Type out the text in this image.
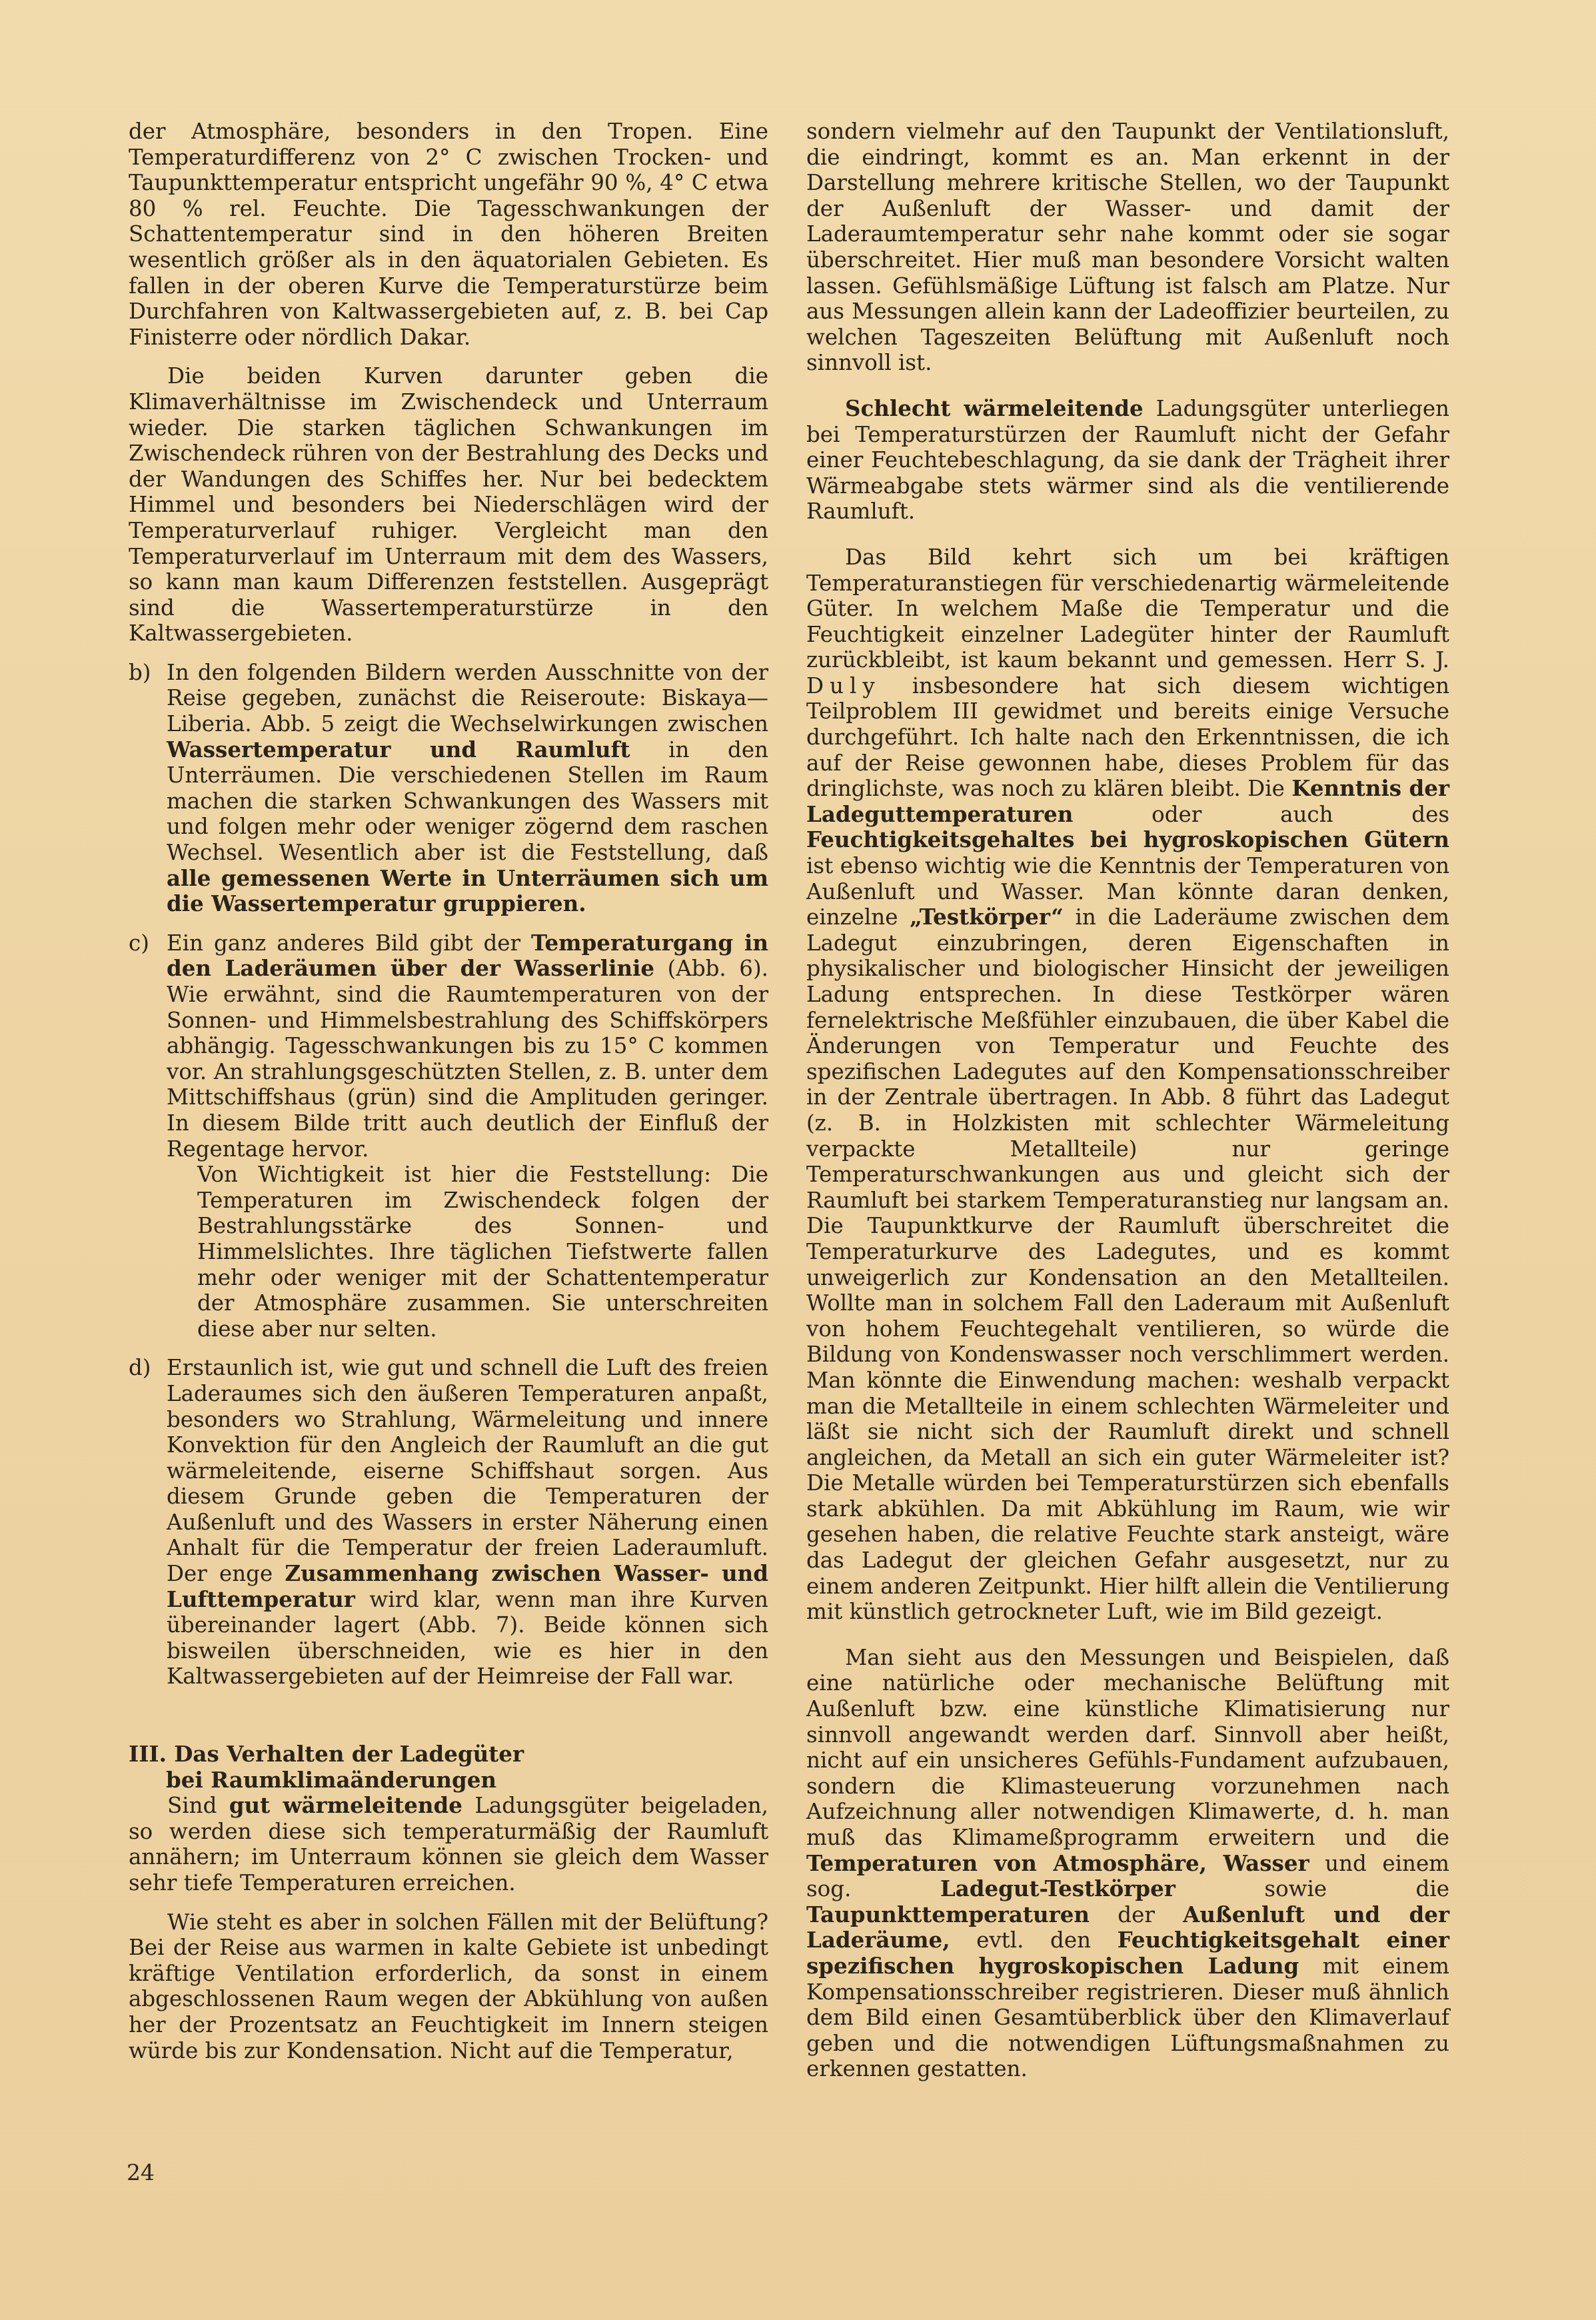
der Atmosphäre, besonders in den Tropen. Eine Temperaturdifferenz von 2° C zwischen Trocken- und Taupunkttemperatur entspricht ungefähr 90 %, 4° C etwa 80 % rel. Feuchte. Die Tagesschwankungen der Schattentemperatur sind in den höheren Breiten wesentlich größer als in den äquatorialen Gebieten. Es fallen in der oberen Kurve die Temperaturstürze beim Durchfahren von Kaltwassergebieten auf, z. B. bei Cap Finisterre oder nördlich Dakar.

Die beiden Kurven darunter geben die Klimaverhältnisse im Zwischendeck und Unterraum wieder. Die starken täglichen Schwankungen im Zwischendeck rühren von der Bestrahlung des Decks und der Wandungen des Schiffes her. Nur bei bedecktem Himmel und besonders bei Niederschlägen wird der Temperaturverlauf ruhiger. Vergleicht man den Temperaturverlauf im Unterraum mit dem des Wassers, so kann man kaum Differenzen feststellen. Ausgeprägt sind die Wassertemperaturstürze in den Kaltwassergebieten.

b) In den folgenden Bildern werden Ausschnitte von der Reise gegeben, zunächst die Reiseroute: Biskaya—Liberia. Abb. 5 zeigt die Wechselwirkungen zwischen Wassertemperatur und Raumluft in den Unterräumen. Die verschiedenen Stellen im Raum machen die starken Schwankungen des Wassers mit und folgen mehr oder weniger zögernd dem raschen Wechsel. Wesentlich aber ist die Feststellung, daß alle gemessenen Werte in Unterräumen sich um die Wassertemperatur gruppieren.

c) Ein ganz anderes Bild gibt der Temperaturgang in den Laderäumen über der Wasserlinie (Abb. 6). Wie erwähnt, sind die Raumtemperaturen von der Sonnen- und Himmelsbestrahlung des Schiffskörpers abhängig. Tagesschwankungen bis zu 15° C kommen vor. An strahlungsgeschützten Stellen, z. B. unter dem Mittschiffshaus (grün) sind die Amplituden geringer. In diesem Bilde tritt auch deutlich der Einfluß der Regentage hervor.

Von Wichtigkeit ist hier die Feststellung: Die Temperaturen im Zwischendeck folgen der Bestrahlungsstärke des Sonnen- und Himmelslichtes. Ihre täglichen Tiefstwerte fallen mehr oder weniger mit der Schattentemperatur der Atmosphäre zusammen. Sie unterschreiten diese aber nur selten.

d) Erstaunlich ist, wie gut und schnell die Luft des freien Laderaumes sich den äußeren Temperaturen anpaßt, besonders wo Strahlung, Wärmeleitung und innere Konvektion für den Angleich der Raumluft an die gut wärmeleitende, eiserne Schiffshaut sorgen. Aus diesem Grunde geben die Temperaturen der Außenluft und des Wassers in erster Näherung einen Anhalt für die Temperatur der freien Laderaumluft. Der enge Zusammenhang zwischen Wasser- und Lufttemperatur wird klar, wenn man ihre Kurven übereinander lagert (Abb. 7). Beide können sich bisweilen überschneiden, wie es hier in den Kaltwassergebieten auf der Heimreise der Fall war.

III. Das Verhalten der Ladegüter
bei Raumklimaänderungen

Sind gut wärmeleitende Ladungsgüter beigeladen, so werden diese sich temperaturmäßig der Raumluft annähern; im Unterraum können sie gleich dem Wasser sehr tiefe Temperaturen erreichen.

Wie steht es aber in solchen Fällen mit der Belüftung? Bei der Reise aus warmen in kalte Gebiete ist unbedingt kräftige Ventilation erforderlich, da sonst in einem abgeschlossenen Raum wegen der Abkühlung von außen her der Prozentsatz an Feuchtigkeit im Innern steigen würde bis zur Kondensation. Nicht auf die Temperatur,

sondern vielmehr auf den Taupunkt der Ventilationsluft, die eindringt, kommt es an. Man erkennt in der Darstellung mehrere kritische Stellen, wo der Taupunkt der Außenluft der Wasser- und damit der Laderaumtemperatur sehr nahe kommt oder sie sogar überschreitet. Hier muß man besondere Vorsicht walten lassen. Gefühlsmäßige Lüftung ist falsch am Platze. Nur aus Messungen allein kann der Ladeoffizier beurteilen, zu welchen Tageszeiten Belüftung mit Außenluft noch sinnvoll ist.

Schlecht wärmeleitende Ladungsgüter unterliegen bei Temperaturstürzen der Raumluft nicht der Gefahr einer Feuchtebeschlagung, da sie dank der Trägheit ihrer Wärmeabgabe stets wärmer sind als die ventilierende Raumluft.

Das Bild kehrt sich um bei kräftigen Temperaturanstiegen für verschiedenartig wärmeleitende Güter. In welchem Maße die Temperatur und die Feuchtigkeit einzelner Ladegüter hinter der Raumluft zurückbleibt, ist kaum bekannt und gemessen. Herr S. J. Duly insbesondere hat sich diesem wichtigen Teilproblem III gewidmet und bereits einige Versuche durchgeführt. Ich halte nach den Erkenntnissen, die ich auf der Reise gewonnen habe, dieses Problem für das dringlichste, was noch zu klären bleibt. Die Kenntnis der Ladeguttemperaturen oder auch des Feuchtigkeitsgehaltes bei hygroskopischen Gütern ist ebenso wichtig wie die Kenntnis der Temperaturen von Außenluft und Wasser. Man könnte daran denken, einzelne „Testkörper“ in die Laderäume zwischen dem Ladegut einzubringen, deren Eigenschaften in physikalischer und biologischer Hinsicht der jeweiligen Ladung entsprechen. In diese Testkörper wären fernelektrische Meßfühler einzubauen, die über Kabel die Änderungen von Temperatur und Feuchte des spezifischen Ladegutes auf den Kompensationsschreiber in der Zentrale übertragen. In Abb. 8 führt das Ladegut (z. B. in Holzkisten mit schlechter Wärmeleitung verpackte Metallteile) nur geringe Temperaturschwankungen aus und gleicht sich der Raumluft bei starkem Temperaturanstieg nur langsam an. Die Taupunktkurve der Raumluft überschreitet die Temperaturkurve des Ladegutes, und es kommt unweigerlich zur Kondensation an den Metallteilen. Wollte man in solchem Fall den Laderaum mit Außenluft von hohem Feuchtegehalt ventilieren, so würde die Bildung von Kondenswasser noch verschlimmert werden. Man könnte die Einwendung machen: weshalb verpackt man die Metallteile in einem schlechten Wärmeleiter und läßt sie nicht sich der Raumluft direkt und schnell angleichen, da Metall an sich ein guter Wärmeleiter ist? Die Metalle würden bei Temperaturstürzen sich ebenfalls stark abkühlen. Da mit Abkühlung im Raum, wie wir gesehen haben, die relative Feuchte stark ansteigt, wäre das Ladegut der gleichen Gefahr ausgesetzt, nur zu einem anderen Zeitpunkt. Hier hilft allein die Ventilierung mit künstlich getrockneter Luft, wie im Bild gezeigt.

Man sieht aus den Messungen und Beispielen, daß eine natürliche oder mechanische Belüftung mit Außenluft bzw. eine künstliche Klimatisierung nur sinnvoll angewandt werden darf. Sinnvoll aber heißt, nicht auf ein unsicheres Gefühls-Fundament aufzubauen, sondern die Klimasteuerung vorzunehmen nach Aufzeichnung aller notwendigen Klimawerte, d. h. man muß das Klimameßprogramm erweitern und die Temperaturen von Atmosphäre, Wasser und einem sog. Ladegut-Testkörper sowie die Taupunkttemperaturen der Außenluft und der Laderäume, evtl. den Feuchtigkeitsgehalt einer spezifischen hygroskopischen Ladung mit einem Kompensationsschreiber registrieren. Dieser muß ähnlich dem Bild einen Gesamtüberblick über den Klimaverlauf geben und die notwendigen Lüftungsmaßnahmen zu erkennen gestatten.

24
